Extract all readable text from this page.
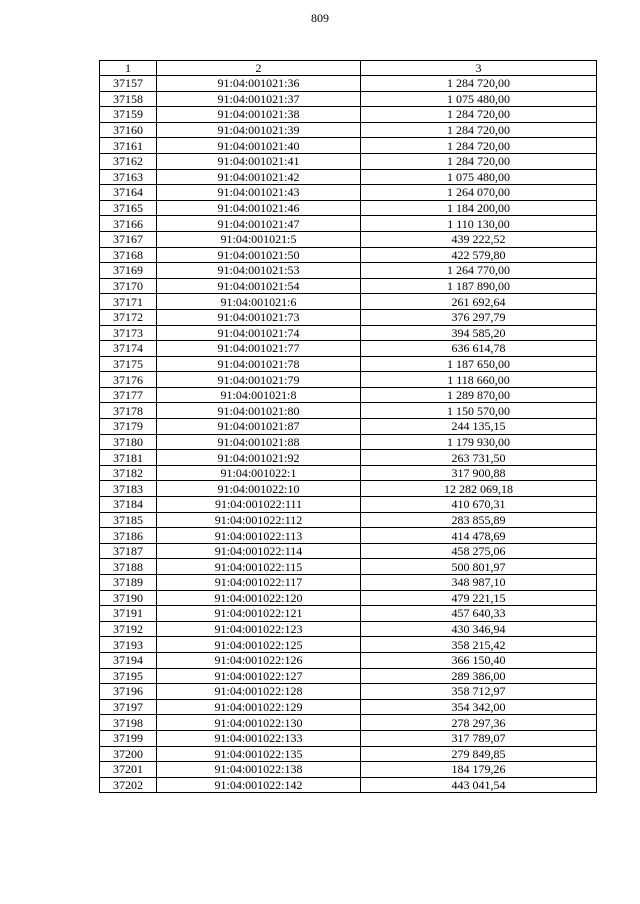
809
1	2	3
37157	91:04:001021:36	1 284 720,00
37158	91:04:001021:37	1 075 480,00
37159	91:04:001021:38	1 284 720,00
37160	91:04:001021:39	1 284 720,00
37161	91:04:001021:40	1 284 720,00
37162	91:04:001021:41	1 284 720,00
37163	91:04:001021:42	1 075 480,00
37164	91:04:001021:43	1 264 070,00
37165	91:04:001021:46	1 184 200,00
37166	91:04:001021:47	1 110 130,00
37167	91:04:001021:5	439 222,52
37168	91:04:001021:50	422 579,80
37169	91:04:001021:53	1 264 770,00
37170	91:04:001021:54	1 187 890,00
37171	91:04:001021:6	261 692,64
37172	91:04:001021:73	376 297,79
37173	91:04:001021:74	394 585,20
37174	91:04:001021:77	636 614,78
37175	91:04:001021:78	1 187 650,00
37176	91:04:001021:79	1 118 660,00
37177	91:04:001021:8	1 289 870,00
37178	91:04:001021:80	1 150 570,00
37179	91:04:001021:87	244 135,15
37180	91:04:001021:88	1 179 930,00
37181	91:04:001021:92	263 731,50
37182	91:04:001022:1	317 900,88
37183	91:04:001022:10	12 282 069,18
37184	91:04:001022:111	410 670,31
37185	91:04:001022:112	283 855,89
37186	91:04:001022:113	414 478,69
37187	91:04:001022:114	458 275,06
37188	91:04:001022:115	500 801,97
37189	91:04:001022:117	348 987,10
37190	91:04:001022:120	479 221,15
37191	91:04:001022:121	457 640,33
37192	91:04:001022:123	430 346,94
37193	91:04:001022:125	358 215,42
37194	91:04:001022:126	366 150,40
37195	91:04:001022:127	289 386,00
37196	91:04:001022:128	358 712,97
37197	91:04:001022:129	354 342,00
37198	91:04:001022:130	278 297,36
37199	91:04:001022:133	317 789,07
37200	91:04:001022:135	279 849,85
37201	91:04:001022:138	184 179,26
37202	91:04:001022:142	443 041,54
